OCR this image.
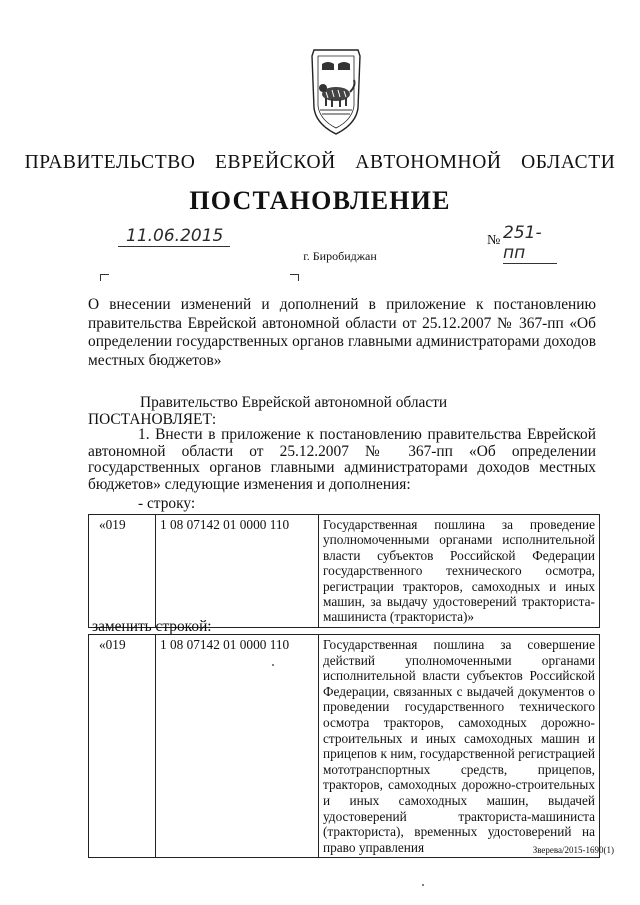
ПРАВИТЕЛЬСТВО ЕВРЕЙСКОЙ АВТОНОМНОЙ ОБЛАСТИ
ПОСТАНОВЛЕНИЕ
11.06.2015	№ 251-пп
г. Биробиджан
О внесении изменений и дополнений в приложение к постановлению правительства Еврейской автономной области от 25.12.2007 № 367-пп «Об определении государственных органов главными администраторами доходов местных бюджетов»
Правительство Еврейской автономной области
ПОСТАНОВЛЯЕТ:
1. Внести в приложение к постановлению правительства Еврейской автономной области от 25.12.2007 № 367-пп «Об определении государственных органов главными администраторами доходов местных бюджетов» следующие изменения и дополнения:
- строку:
«019	1 08 07142 01 0000 110	Государственная пошлина за проведение уполномоченными органами исполнительной власти субъектов Российской Федерации государственного технического осмотра, регистрации тракторов, самоходных и иных машин, за выдачу удостоверений тракториста-машиниста (тракториста)»
заменить строкой:
«019	1 08 07142 01 0000 110	Государственная пошлина за совершение действий уполномоченными органами исполнительной власти субъектов Российской Федерации, связанных с выдачей документов о проведении государственного технического осмотра тракторов, самоходных дорожно-строительных и иных самоходных машин и прицепов к ним, государственной регистрацией мототранспортных средств, прицепов, тракторов, самоходных дорожно-строительных и иных самоходных машин, выдачей удостоверений тракториста-машиниста (тракториста), временных удостоверений на право управления	Зверева/2015-1690(1)
